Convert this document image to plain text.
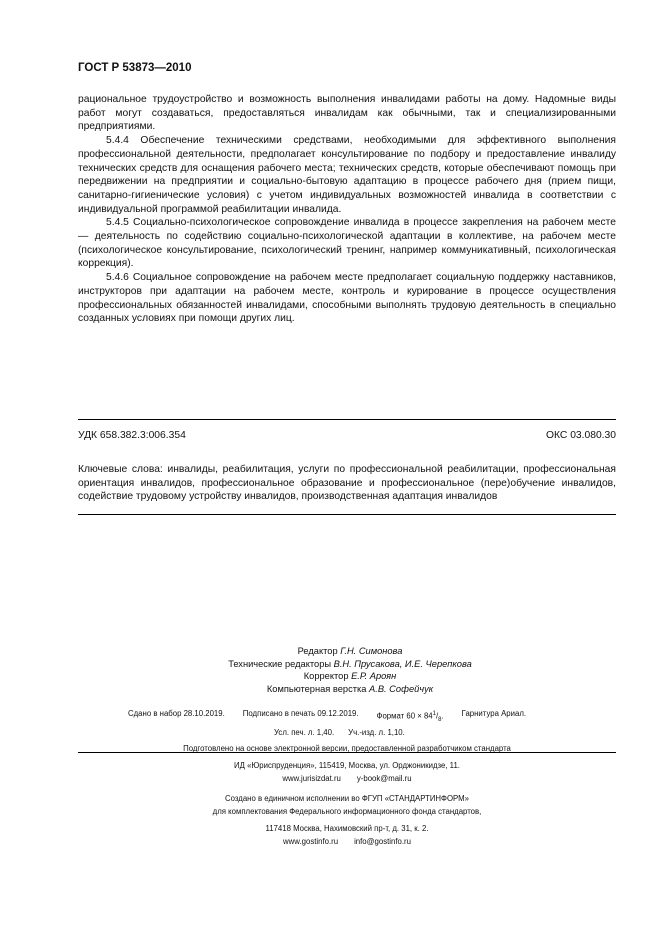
ГОСТ Р 53873—2010

рациональное трудоустройство и возможность выполнения инвалидами работы на дому. Надомные виды работ могут создаваться, предоставляться инвалидам как обычными, так и специализированными предприятиями.

5.4.4 Обеспечение техническими средствами, необходимыми для эффективного выполнения профессиональной деятельности, предполагает консультирование по подбору и предоставление инвалиду технических средств для оснащения рабочего места; технических средств, которые обеспечивают помощь при передвижении на предприятии и социально-бытовую адаптацию в процессе рабочего дня (прием пищи, санитарно-гигиенические условия) с учетом индивидуальных возможностей инвалида в соответствии с индивидуальной программой реабилитации инвалида.

5.4.5 Социально-психологическое сопровождение инвалида в процессе закрепления на рабочем месте — деятельность по содействию социально-психологической адаптации в коллективе, на рабочем месте (психологическое консультирование, психологический тренинг, например коммуникативный, психологическая коррекция).

5.4.6 Социальное сопровождение на рабочем месте предполагает социальную поддержку наставников, инструкторов при адаптации на рабочем месте, контроль и курирование в процессе осуществления профессиональных обязанностей инвалидами, способными выполнять трудовую деятельность в специально созданных условиях при помощи других лиц.

УДК 658.382.3:006.354	ОКС 03.080.30
Ключевые слова: инвалиды, реабилитация, услуги по профессиональной реабилитации, профессиональная ориентация инвалидов, профессиональное образование и профессиональное (пере)обучение инвалидов, содействие трудовому устройству инвалидов, производственная адаптация инвалидов
Редактор Г.Н. Симонова
Технические редакторы В.Н. Прусакова, И.Е. Черепкова
Корректор Е.Р. Ароян
Компьютерная верстка А.В. Софейчук
Сдано в набор 28.10.2019. Подписано в печать 09.12.2019. Формат $60 \times 84^1/_8$. Гарнитура Ариал.
Усл. печ. л. 1,40. Уч.-изд. л. 1,10.
Подготовлено на основе электронной версии, предоставленной разработчиком стандарта
ИД «Юриспруденция», 115419, Москва, ул. Орджоникидзе, 11.
www.jurisizdat.ru y-book@mail.ru
Создано в единичном исполнении во ФГУП «СТАНДАРТИНФОРМ»
для комплектования Федерального информационного фонда стандартов,
117418 Москва, Нахимовский пр-т, д. 31, к. 2.
www.gostinfo.ru info@gostinfo.ru
